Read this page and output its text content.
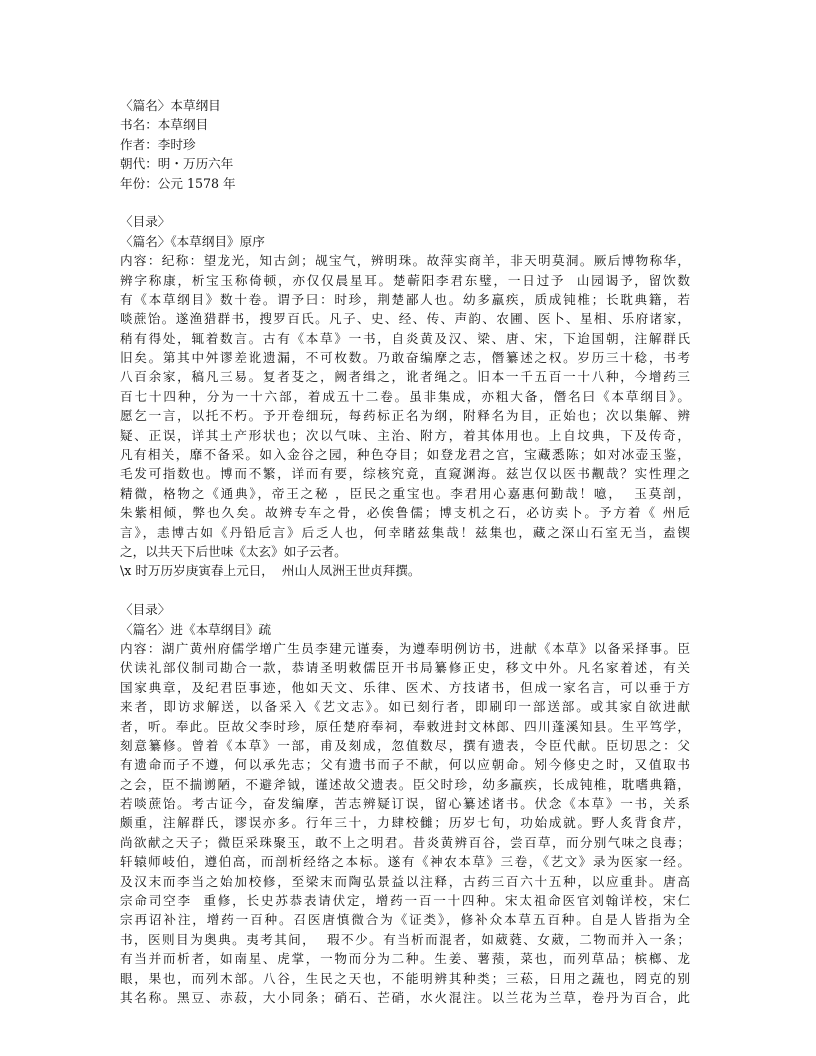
〈篇名〉本草纲目
书名：本草纲目
作者：李时珍
朝代：明・万历六年
年份：公元 1578 年
〈目录〉
〈篇名〉《本草纲目》原序
内容：纪称：望龙光，知古剑；觇宝气，辨明珠。故萍实商羊，非天明莫洞。厥后博物称华，
辨字称康，析宝玉称倚顿，亦仅仅晨星耳。楚蕲阳李君东璧，一日过予  山园谒予，留饮数
有《本草纲目》数十卷。谓予曰：时珍，荆楚鄙人也。幼多羸疾，质成钝椎；长耽典籍，若
啖蔗饴。遂渔猎群书，搜罗百氏。凡子、史、经、传、声韵、农圃、医卜、星相、乐府诸家，
稍有得处，辄着数言。古有《本草》一书，自炎黄及汉、梁、唐、宋，下迨国朝，注解群氏
旧矣。第其中舛谬差讹遗漏，不可枚数。乃敢奋编摩之志，僭纂述之权。岁历三十稔，书考
八百余家，稿凡三易。复者芟之，阙者缉之，讹者绳之。旧本一千五百一十八种，今增药三
百七十四种，分为一十六部，着成五十二卷。虽非集成，亦粗大备，僭名曰《本草纲目》。
愿乞一言，以托不朽。予开卷细玩，每药标正名为纲，附释名为目，正始也；次以集解、辨
疑、正误，详其土产形状也；次以气味、主治、附方，着其体用也。上自坟典，下及传奇，
凡有相关，靡不备采。如入金谷之园，种色夺目；如登龙君之宫，宝藏悉陈；如对冰壶玉鉴，
毛发可指数也。博而不繁，详而有要，综核究竟，直窥渊海。兹岂仅以医书觏哉？实性理之
精微，格物之《通典》，帝王之秘 ，臣民之重宝也。李君用心嘉惠何勤哉！噫，  玉莫剖，
朱紫相倾，弊也久矣。故辨专车之骨，必俟鲁儒；博支机之石，必访卖卜。予方着《 州卮
言》，恚博古如《丹铅卮言》后乏人也，何幸睹兹集哉！兹集也，藏之深山石室无当，盍锲
之，以共天下后世味《太玄》如子云者。
\x 时万历岁庚寅春上元日，  州山人凤洲王世贞拜撰。
〈目录〉
〈篇名〉进《本草纲目》疏
内容：湖广黄州府儒学增广生员李建元谨奏，为遵奉明例访书，进献《本草》以备采择事。臣
伏读礼部仪制司勘合一款，恭请圣明敕儒臣开书局纂修正史，移文中外。凡名家着述，有关
国家典章，及纪君臣事迹，他如天文、乐律、医术、方技诸书，但成一家名言，可以垂于方
来者，即访求解送，以备采入《艺文志》。如已刻行者，即刷印一部送部。或其家自欲进献
者，听。奉此。臣故父李时珍，原任楚府奉祠，奉敕进封文林郎、四川蓬溪知县。生平笃学，
刻意纂修。曾着《本草》一部，甫及刻成，忽值数尽，撰有遗表，令臣代献。臣切思之：父
有遗命而子不遵，何以承先志；父有遗书而子不献，何以应朝命。矧今修史之时，又值取书
之会，臣不揣谫陋，不避斧钺，谨述故父遗表。臣父时珍，幼多羸疾，长成钝椎，耽嗜典籍，
若啖蔗饴。考古证今，奋发编摩，苦志辨疑订误，留心纂述诸书。伏念《本草》一书，关系
颇重，注解群氏，谬误亦多。行年三十，力肆校雠；历岁七旬，功始成就。野人炙背食芹，
尚欲献之天子；微臣采珠聚玉，敢不上之明君。昔炎黄辨百谷，尝百草，而分别气味之良毒；
轩辕师岐伯，遵伯高，而剖析经络之本标。遂有《神农本草》三卷，《艺文》录为医家一经。
及汉末而李当之始加校修，至梁末而陶弘景益以注释，古药三百六十五种，以应重卦。唐高
宗命司空李  重修，长史苏恭表请伏定，增药一百一十四种。宋太祖命医官刘翰详校，宋仁
宗再诏补注，增药一百种。召医唐慎微合为《证类》，修补众本草五百种。自是人皆指为全
书，医则目为奥典。夷考其间，  瑕不少。有当析而混者，如葳蕤、女葳，二物而并入一条；
有当并而析者，如南星、虎掌，一物而分为二种。生姜、薯蓣，菜也，而列草品；槟榔、龙
眼，果也，而列木部。八谷，生民之天也，不能明辨其种类；三菘，日用之蔬也，罔克的别
其名称。黑豆、赤菽，大小同条；硝石、芒硝，水火混注。以兰花为兰草，卷丹为百合，此
